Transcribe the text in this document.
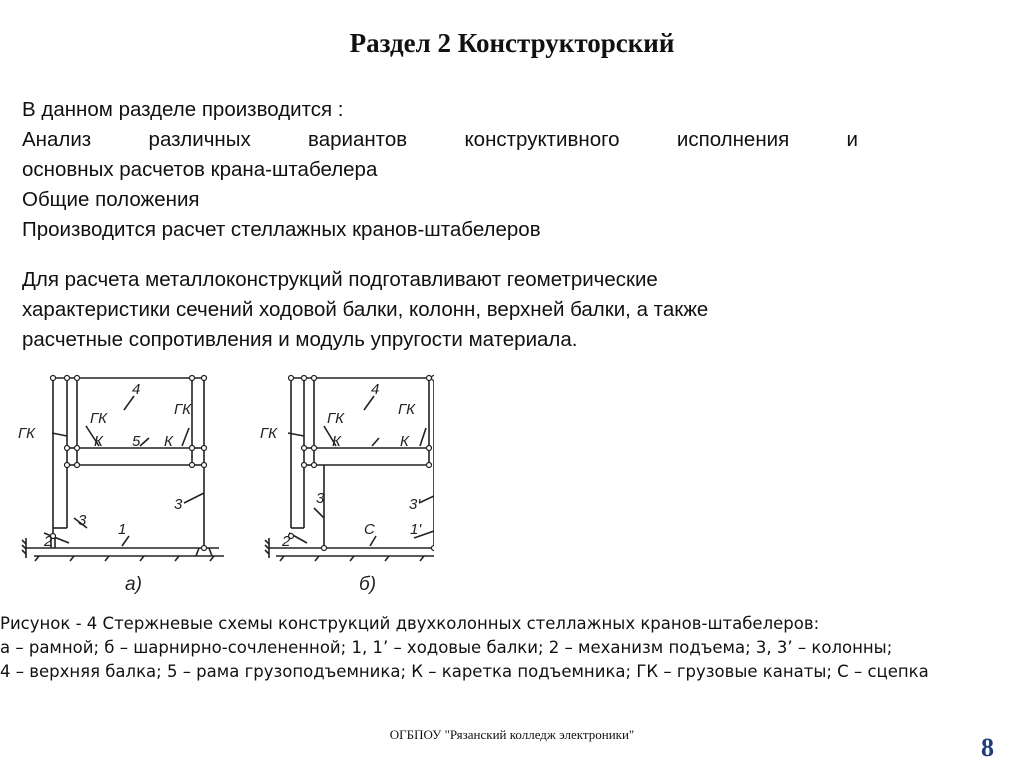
Раздел 2 Конструкторский
В данном разделе производится :
Анализ различных вариантов конструктивного исполнения и
основных расчетов крана-штабелера
Общие положения
Производится расчет стеллажных кранов-штабелеров
Для расчета металлоконструкций подготавливают геометрические
характеристики сечений ходовой балки, колонн, верхней балки, а также
расчетные сопротивления и модуль упругости материала.
ГК
ГК
4
К 5 К
ГК
3
3
2
1
а)
ГК
ГК
4
К
ГК
К
3	3'
2
С 1'
б)
Рисунок - 4 Стержневые схемы конструкций двухколонных стеллажных кранов-штабелеров:
а – рамной; б – шарнирно-сочлененной; 1, 1’ – ходовые балки; 2 – механизм подъема; 3, 3’ – колонны;
4 – верхняя балка; 5 – рама грузоподъемника; К – каретка подъемника; ГК – грузовые канаты; С – сцепка
ОГБПОУ "Рязанский колледж электроники"	8
